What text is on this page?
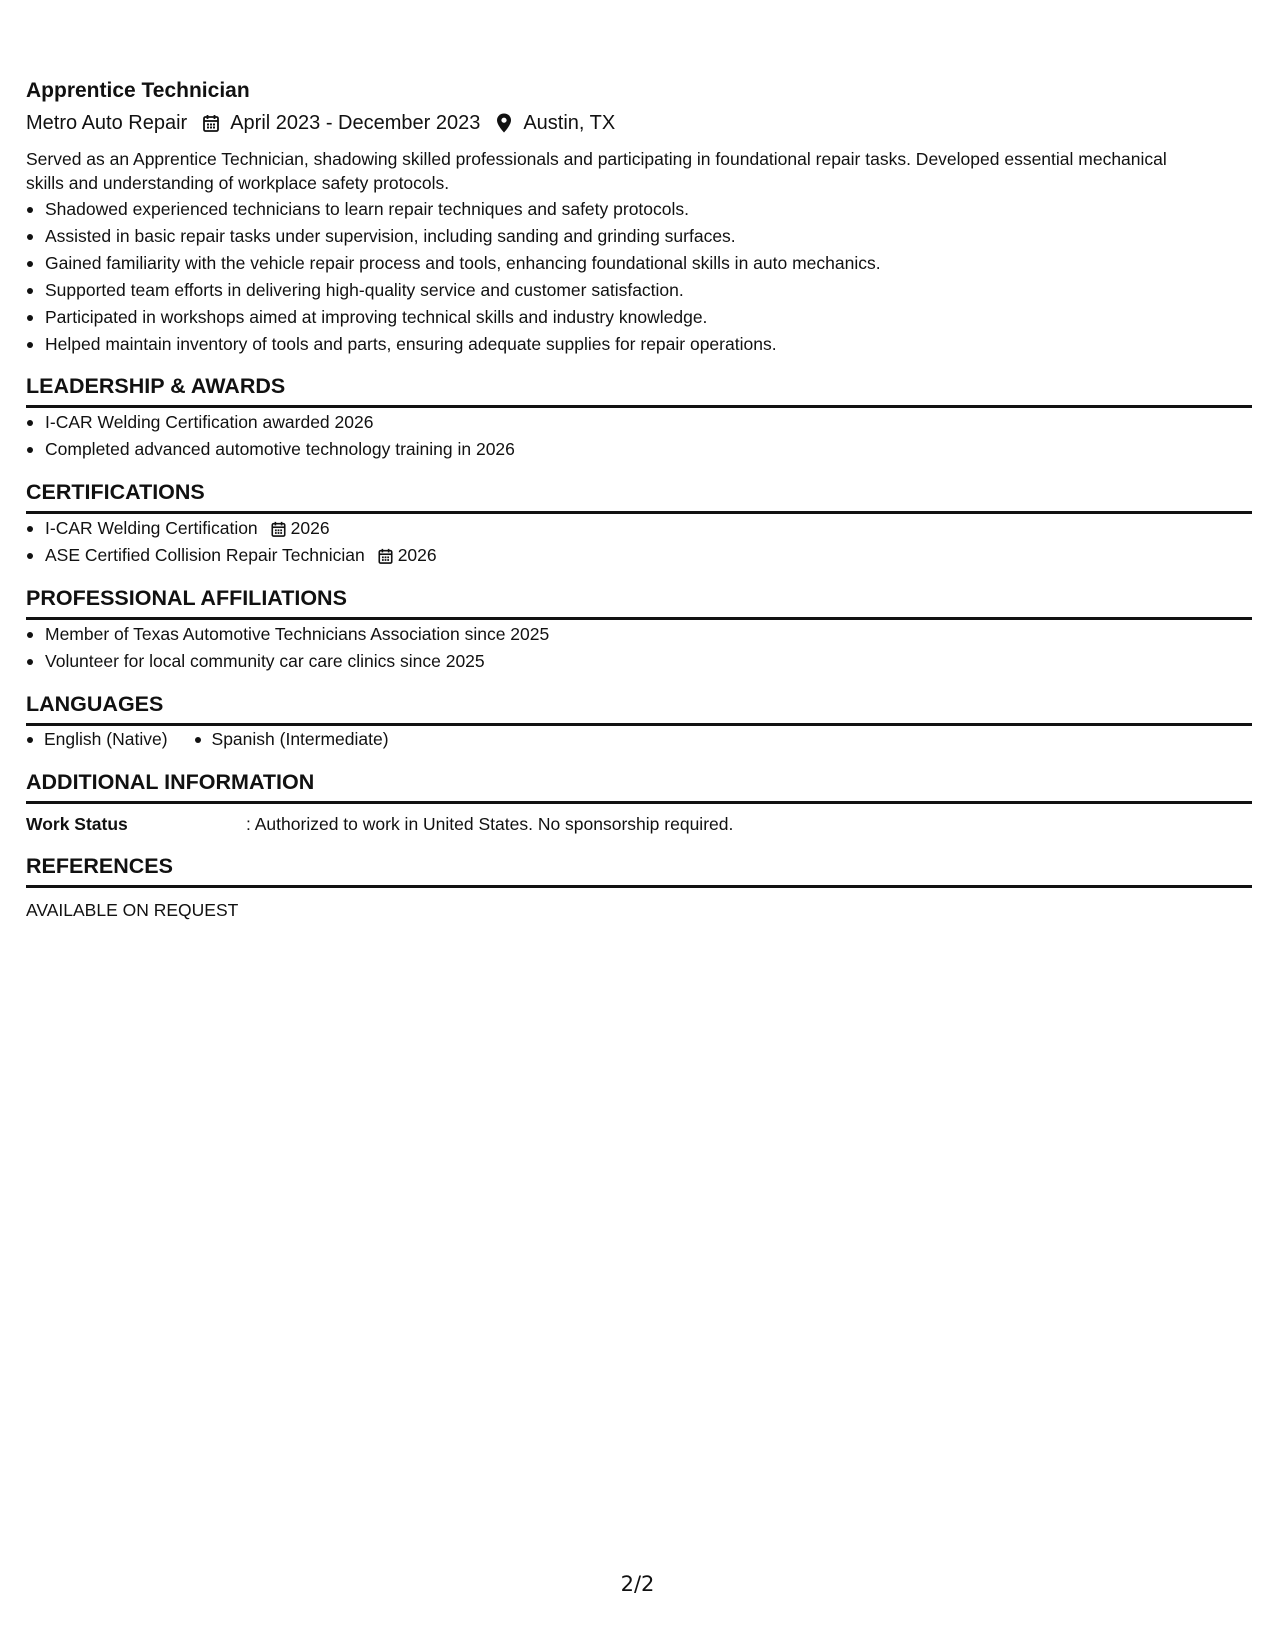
Apprentice Technician
Metro Auto Repair April 2023 - December 2023 Austin, TX
Served as an Apprentice Technician, shadowing skilled professionals and participating in foundational repair tasks. Developed essential mechanical skills and understanding of workplace safety protocols.
Shadowed experienced technicians to learn repair techniques and safety protocols.
Assisted in basic repair tasks under supervision, including sanding and grinding surfaces.
Gained familiarity with the vehicle repair process and tools, enhancing foundational skills in auto mechanics.
Supported team efforts in delivering high-quality service and customer satisfaction.
Participated in workshops aimed at improving technical skills and industry knowledge.
Helped maintain inventory of tools and parts, ensuring adequate supplies for repair operations.
LEADERSHIP & AWARDS
I-CAR Welding Certification awarded 2026
Completed advanced automotive technology training in 2026
CERTIFICATIONS
I-CAR Welding Certification 2026
ASE Certified Collision Repair Technician 2026
PROFESSIONAL AFFILIATIONS
Member of Texas Automotive Technicians Association since 2025
Volunteer for local community car care clinics since 2025
LANGUAGES
English (Native)	Spanish (Intermediate)
ADDITIONAL INFORMATION
Work Status	: Authorized to work in United States. No sponsorship required.
REFERENCES
AVAILABLE ON REQUEST
2/2
